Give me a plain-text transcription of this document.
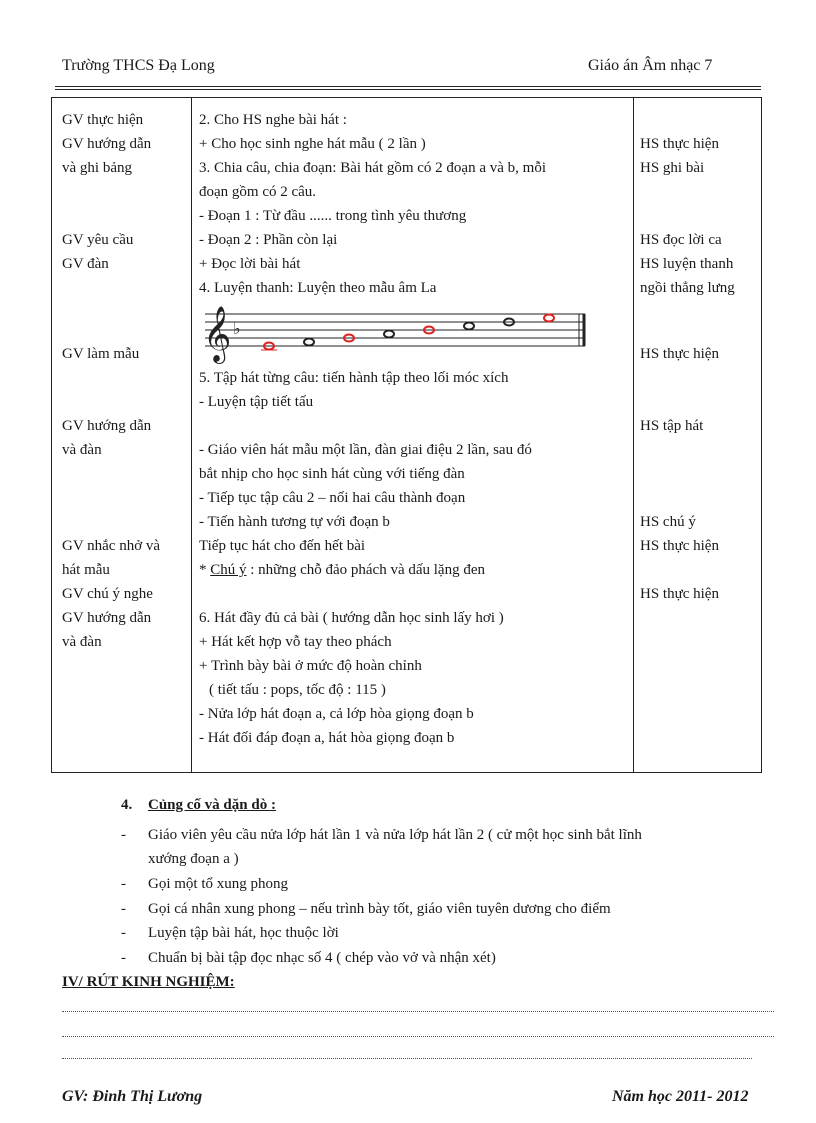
Trường THCS Đạ Long	Giáo án Âm nhạc 7
GV thực hiện
GV hướng dẫn
và ghi bảng
GV yêu cầu
GV đàn
GV làm mẫu
GV hướng dẫn
và đàn
GV nhắc nhở và
hát mẫu
GV chú ý nghe
GV hướng dẫn
và đàn
2. Cho HS nghe bài hát :
+ Cho học sinh nghe hát mẫu ( 2 lần )
3. Chia câu, chia đoạn: Bài hát gồm có 2 đoạn a và b, mỗi
đoạn gồm có 2 câu.
- Đoạn 1 : Từ đầu ...... trong tình yêu thương
- Đoạn 2 : Phần còn lại
+ Đọc lời bài hát
4. Luyện thanh: Luyện theo mẫu âm La
𝄞 ♭
5. Tập hát từng câu: tiến hành tập theo lối móc xích
- Luyện tập tiết tấu
- Giáo viên hát mẫu một lần, đàn giai điệu 2 lần, sau đó
bắt nhịp cho học sinh hát cùng với tiếng đàn
- Tiếp tục tập câu 2 – nối hai câu thành đoạn
- Tiến hành tương tự với đoạn b
Tiếp tục hát cho đến hết bài
* Chú ý : những chỗ đảo phách và dấu lặng đen
6. Hát đầy đủ cả bài ( hướng dẫn học sinh lấy hơi )
+ Hát kết hợp vỗ tay theo phách
+ Trình bày bài ở mức độ hoàn chỉnh
( tiết tấu : pops, tốc độ : 115 )
- Nửa lớp hát đoạn a, cả lớp hòa giọng đoạn b
- Hát đối đáp đoạn a, hát hòa giọng đoạn b
HS thực hiện
HS ghi bài
HS đọc lời ca
HS luyện thanh
ngồi thẳng lưng
HS thực hiện
HS tập hát
HS chú ý
HS thực hiện
HS thực hiện
4. Củng cố và dặn dò :
- Giáo viên yêu cầu nửa lớp hát lần 1 và nửa lớp hát lần 2 ( cử một học sinh bắt lĩnh
xướng đoạn a )
- Gọi một tổ xung phong
- Gọi cá nhân xung phong – nếu trình bày tốt, giáo viên tuyên dương cho điểm
- Luyện tập bài hát, học thuộc lời
- Chuẩn bị bài tập đọc nhạc số 4 ( chép vào vở và nhận xét)
IV/ RÚT KINH NGHIỆM:
GV: Đinh Thị Lương	Năm học 2011- 2012
